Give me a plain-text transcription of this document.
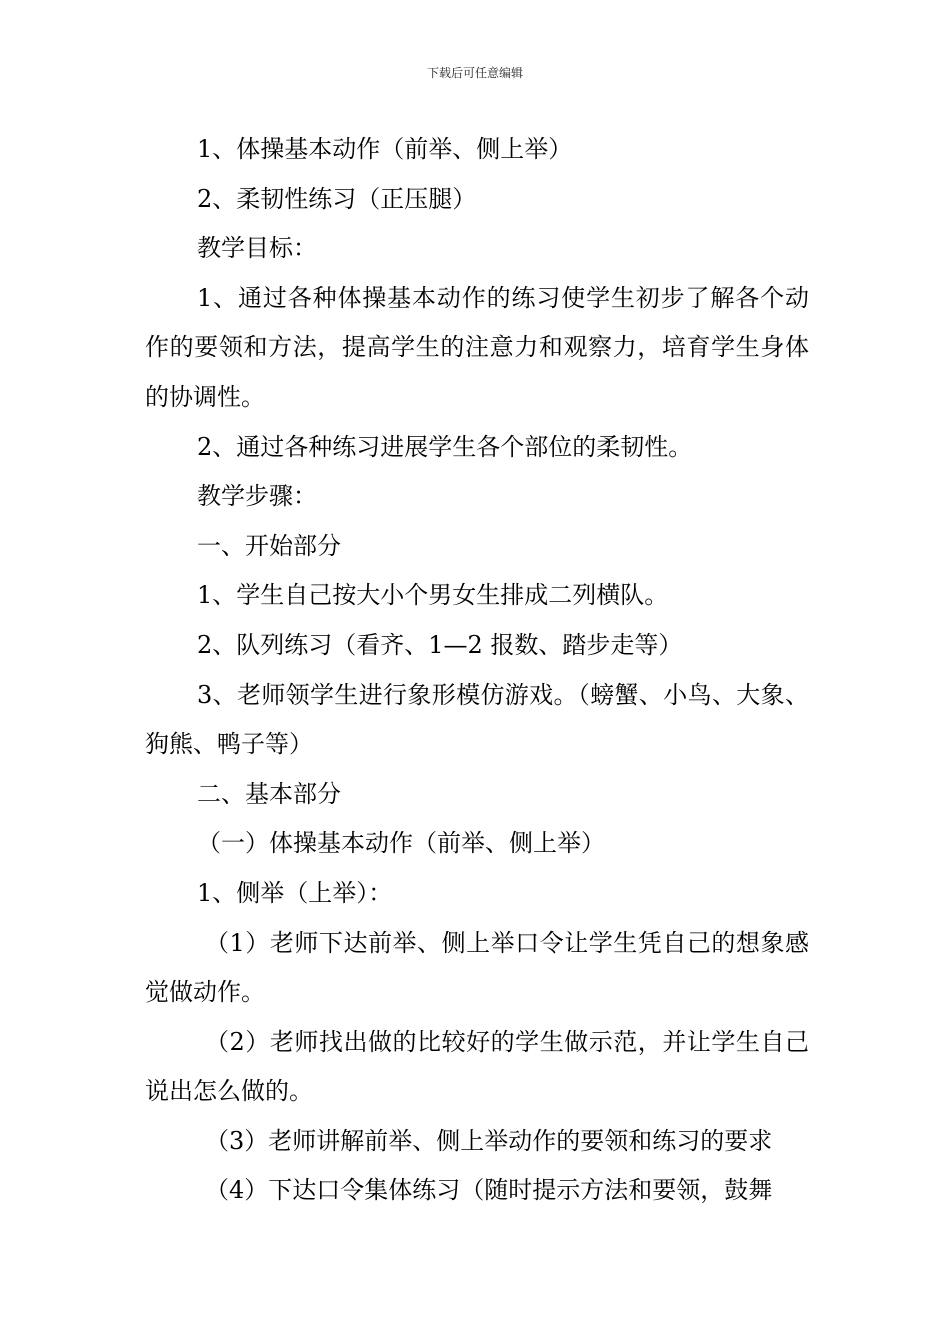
下载后可任意编辑

1、体操基本动作（前举、侧上举）

2、柔韧性练习（正压腿）

教学目标：

1、通过各种体操基本动作的练习使学生初步了解各个动作的要领和方法，提高学生的注意力和观察力，培育学生身体的协调性。

2、通过各种练习进展学生各个部位的柔韧性。

教学步骤：

一、开始部分

1、学生自己按大小个男女生排成二列横队。

2、队列练习（看齐、1—2 报数、踏步走等）

3、老师领学生进行象形模仿游戏。（螃蟹、小鸟、大象、狗熊、鸭子等）

二、基本部分

（一）体操基本动作（前举、侧上举）

1、侧举（上举）：

（1）老师下达前举、侧上举口令让学生凭自己的想象感觉做动作。

（2）老师找出做的比较好的学生做示范，并让学生自己说出怎么做的。

（3）老师讲解前举、侧上举动作的要领和练习的要求

（4）下达口令集体练习（随时提示方法和要领，鼓舞
